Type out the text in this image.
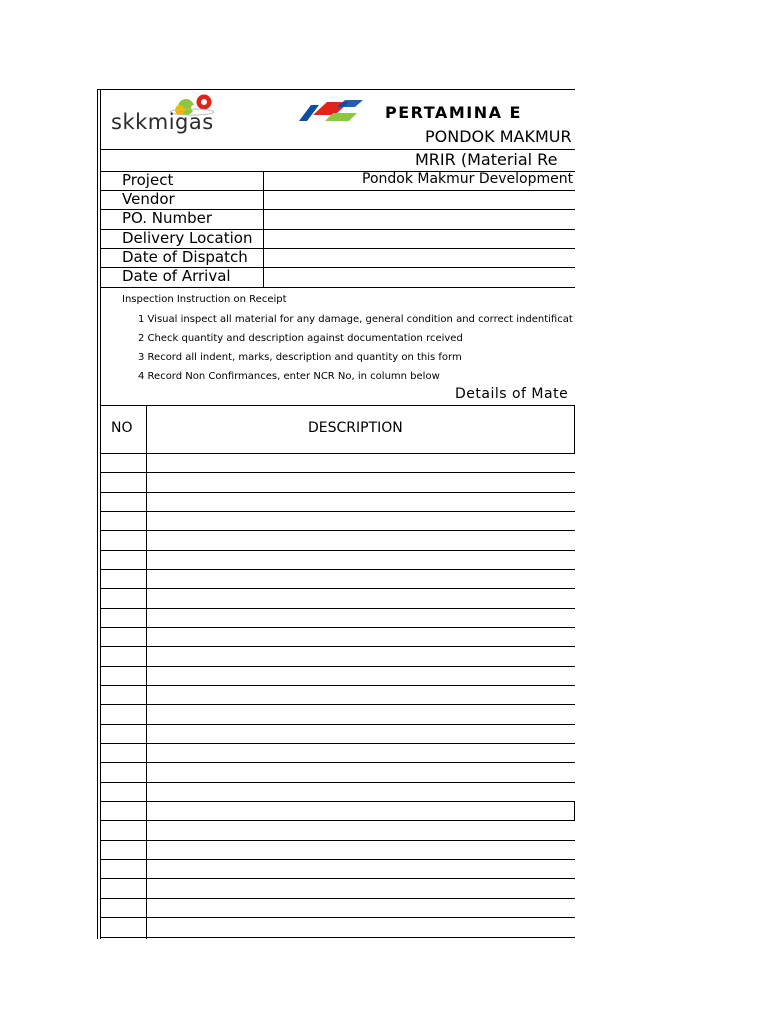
skkmigas	PERTAMINA E
PONDOK MAKMUR
MRIR (Material Re
Project	Pondok Makmur Development
Vendor
PO. Number
Delivery Location
Date of Dispatch
Date of Arrival
Inspection Instruction on Receipt
1 Visual inspect all material for any damage, general condition and correct indentificat
2 Check quantity and description against documentation rceived
3 Record all indent, marks, description and quantity on this form
4 Record Non Confirmances, enter NCR No, in column below
Details of Mate
NO	DESCRIPTION
